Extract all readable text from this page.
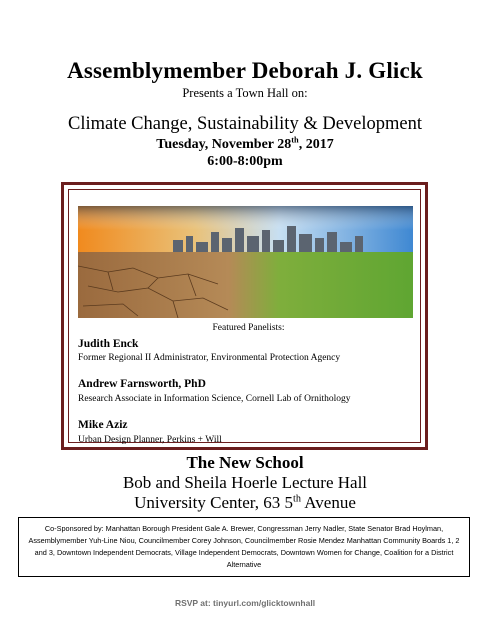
Assemblymember Deborah J. Glick
Presents a Town Hall on:
Climate Change, Sustainability & Development
Tuesday, November 28th, 2017
6:00-8:00pm
Featured Panelists:
Judith Enck
Former Regional II Administrator, Environmental Protection Agency
Andrew Farnsworth, PhD
Research Associate in Information Science, Cornell Lab of Ornithology
Mike Aziz
Urban Design Planner, Perkins + Will
The New School
Bob and Sheila Hoerle Lecture Hall
University Center, 63 5th Avenue
Co-Sponsored by: Manhattan Borough President Gale A. Brewer, Congressman Jerry Nadler, State Senator Brad Hoylman, Assemblymember Yuh-Line Niou, Councilmember Corey Johnson, Councilmember Rosie Mendez Manhattan Community Boards 1, 2 and 3, Downtown Independent Democrats, Village Independent Democrats, Downtown Women for Change, Coalition for a District Alternative
RSVP at: tinyurl.com/glicktownhall
